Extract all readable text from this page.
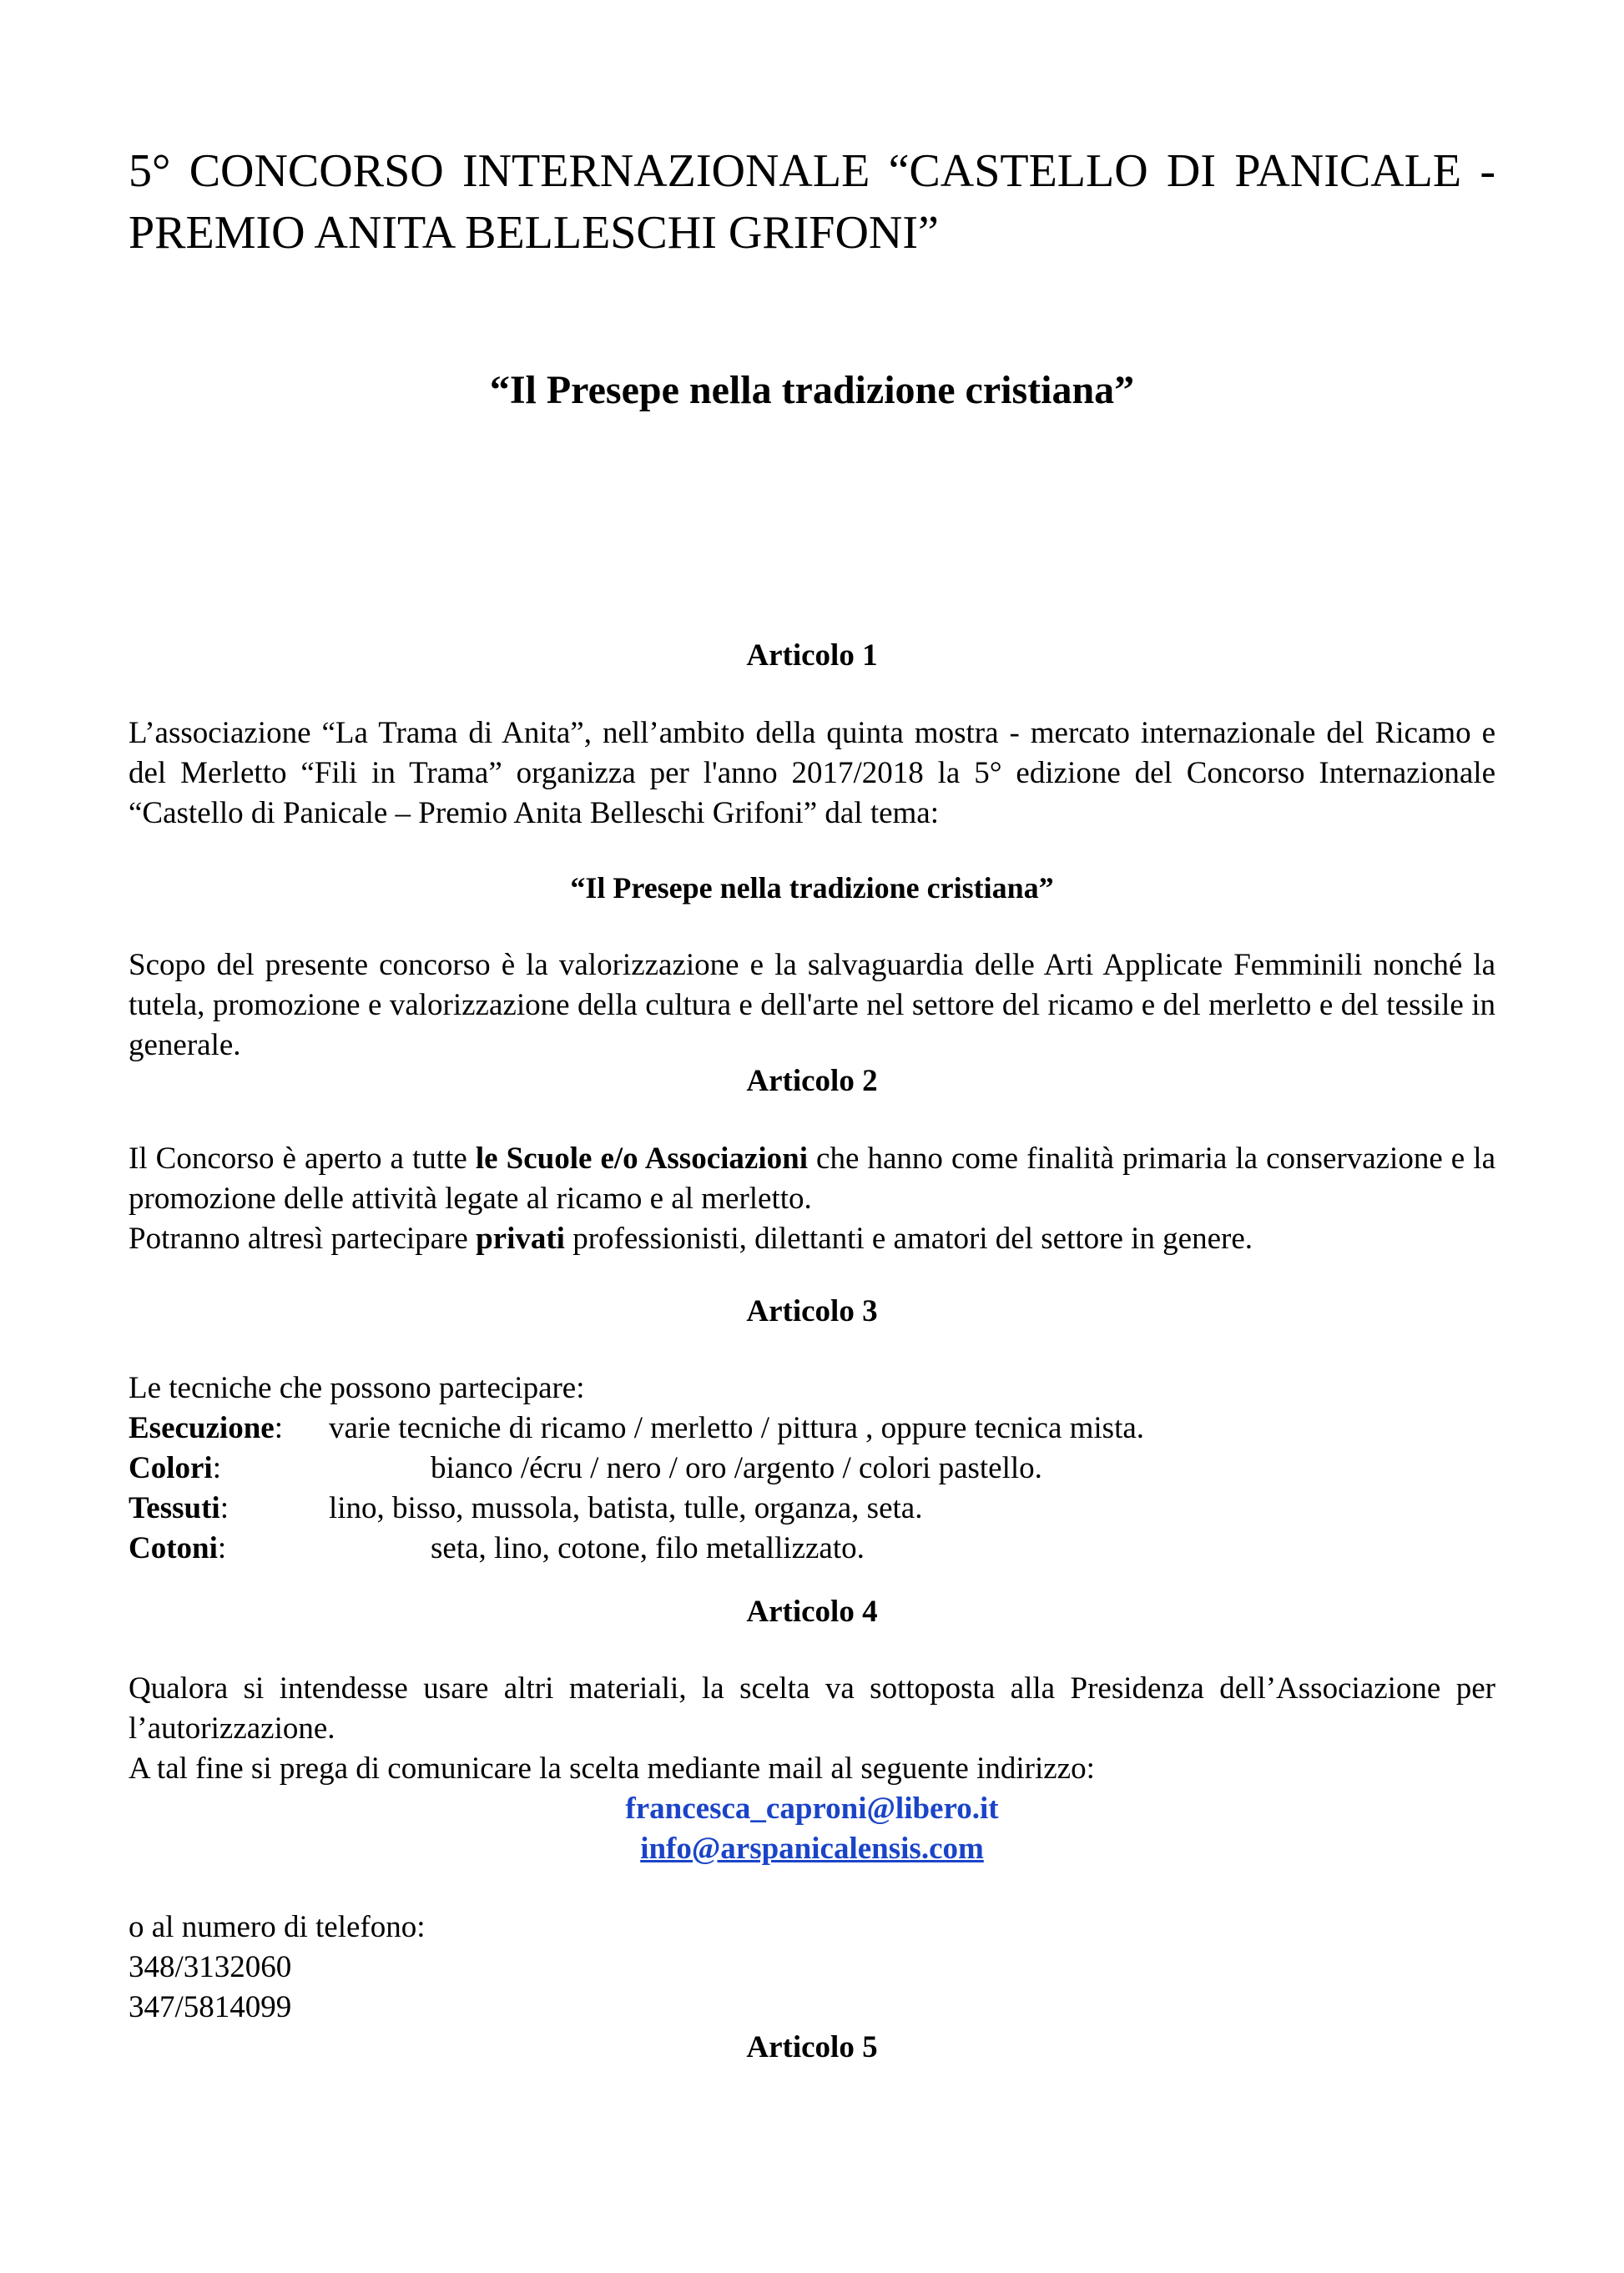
5° CONCORSO INTERNAZIONALE “CASTELLO DI PANICALE - PREMIO ANITA BELLESCHI GRIFONI”
“Il Presepe nella tradizione cristiana”
Articolo 1
L’associazione “La Trama di Anita”, nell’ambito della quinta mostra - mercato internazionale del Ricamo e del Merletto “Fili in Trama” organizza per l'anno 2017/2018 la 5° edizione del Concorso Internazionale “Castello di Panicale – Premio Anita Belleschi Grifoni” dal tema:
“Il Presepe nella tradizione cristiana”
Scopo del presente concorso è la valorizzazione e la salvaguardia delle Arti Applicate Femminili nonché la tutela, promozione e valorizzazione della cultura e dell'arte nel settore del ricamo e del merletto e del tessile in generale.
Articolo 2
Il Concorso è aperto a tutte le Scuole e/o Associazioni che hanno come finalità primaria la conservazione e la promozione delle attività legate al ricamo e al merletto.
Potranno altresì partecipare privati professionisti, dilettanti e amatori del settore in genere.
Articolo 3
Le tecniche che possono partecipare:
Esecuzione: varie tecniche di ricamo / merletto / pittura , oppure tecnica mista.
Colori:	bianco /écru / nero / oro /argento / colori pastello.
Tessuti:	lino, bisso, mussola, batista, tulle, organza, seta.
Cotoni:	seta, lino, cotone, filo metallizzato.
Articolo 4
Qualora si intendesse usare altri materiali, la scelta va sottoposta alla Presidenza dell’Associazione per l’autorizzazione.
A tal fine si prega di comunicare la scelta mediante mail al seguente indirizzo:
francesca_caproni@libero.it
info@arspanicalensis.com
o al numero di telefono:
348/3132060
347/5814099
Articolo 5
